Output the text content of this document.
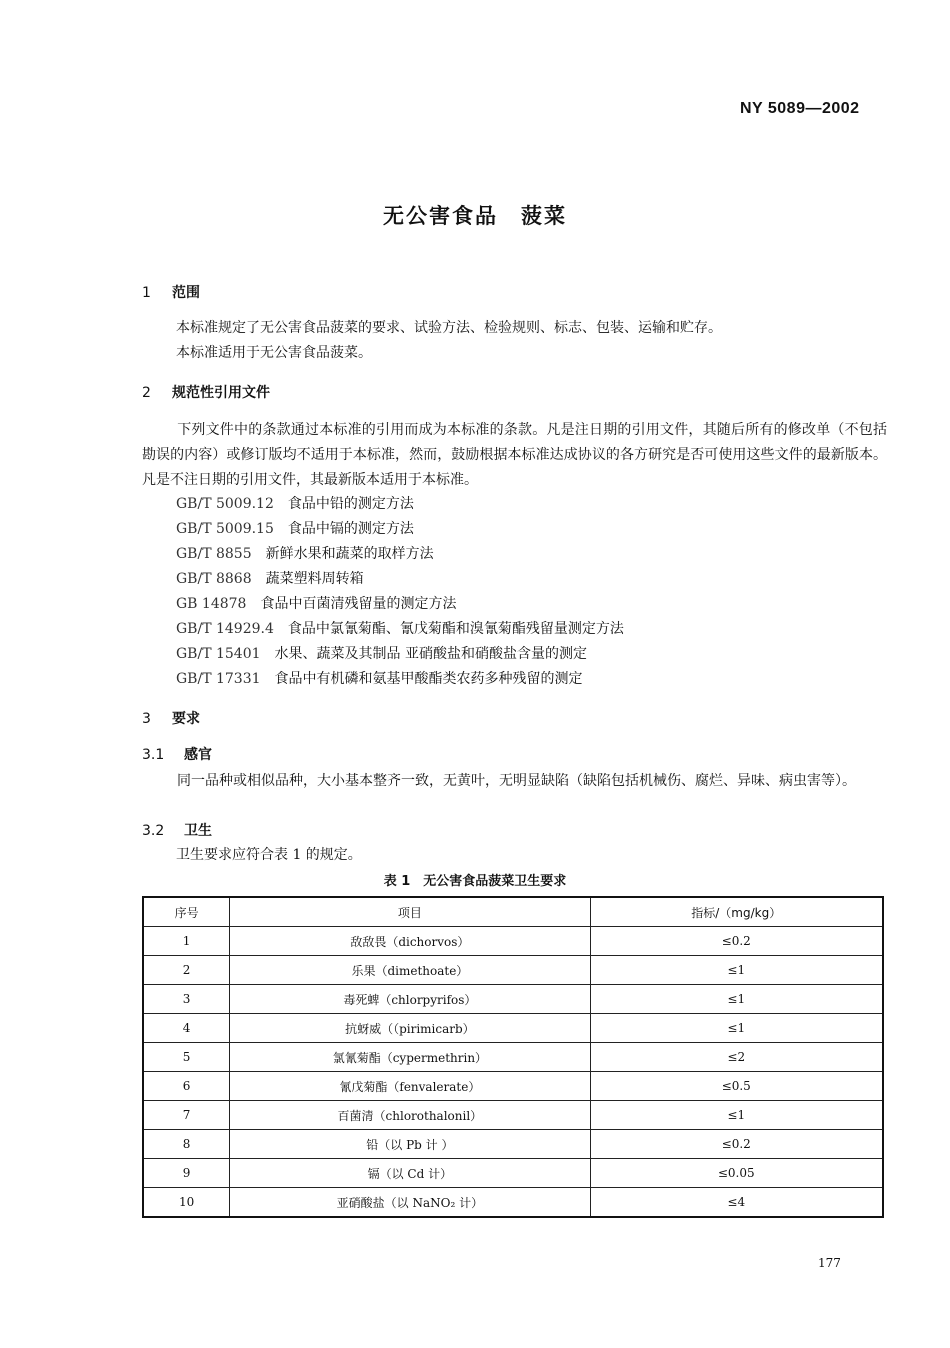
NY 5089—2002
无公害食品　菠菜
1 范围
本标准规定了无公害食品菠菜的要求、试验方法、检验规则、标志、包装、运输和贮存。
本标准适用于无公害食品菠菜。
2 规范性引用文件
下列文件中的条款通过本标准的引用而成为本标准的条款。凡是注日期的引用文件，其随后所有的修改单（不包括勘误的内容）或修订版均不适用于本标准，然而，鼓励根据本标准达成协议的各方研究是否可使用这些文件的最新版本。凡是不注日期的引用文件，其最新版本适用于本标准。
GB/T 5009.12 食品中铅的测定方法
GB/T 5009.15 食品中镉的测定方法
GB/T 8855 新鲜水果和蔬菜的取样方法
GB/T 8868 蔬菜塑料周转箱
GB 14878 食品中百菌清残留量的测定方法
GB/T 14929.4 食品中氯氰菊酯、氰戊菊酯和溴氰菊酯残留量测定方法
GB/T 15401 水果、蔬菜及其制品 亚硝酸盐和硝酸盐含量的测定
GB/T 17331 食品中有机磷和氨基甲酸酯类农药多种残留的测定
3 要求
3.1 感官
同一品种或相似品种，大小基本整齐一致，无黄叶，无明显缺陷（缺陷包括机械伤、腐烂、异味、病虫害等）。
3.2 卫生
卫生要求应符合表 1 的规定。
表 1　无公害食品菠菜卫生要求
序号	项目	指标/（mg/kg）
1	敌敌畏（dichorvos）	≤0.2
2	乐果（dimethoate）	≤1
3	毒死蜱（chlorpyrifos）	≤1
4	抗蚜威（（pirimicarb）	≤1
5	氯氰菊酯（cypermethrin）	≤2
6	氰戊菊酯（fenvalerate）	≤0.5
7	百菌清（chlorothalonil）	≤1
8	铅（以 Pb 计 ）	≤0.2
9	镉（以 Cd 计）	≤0.05
10	亚硝酸盐（以 NaNO₂ 计）	≤4
177
